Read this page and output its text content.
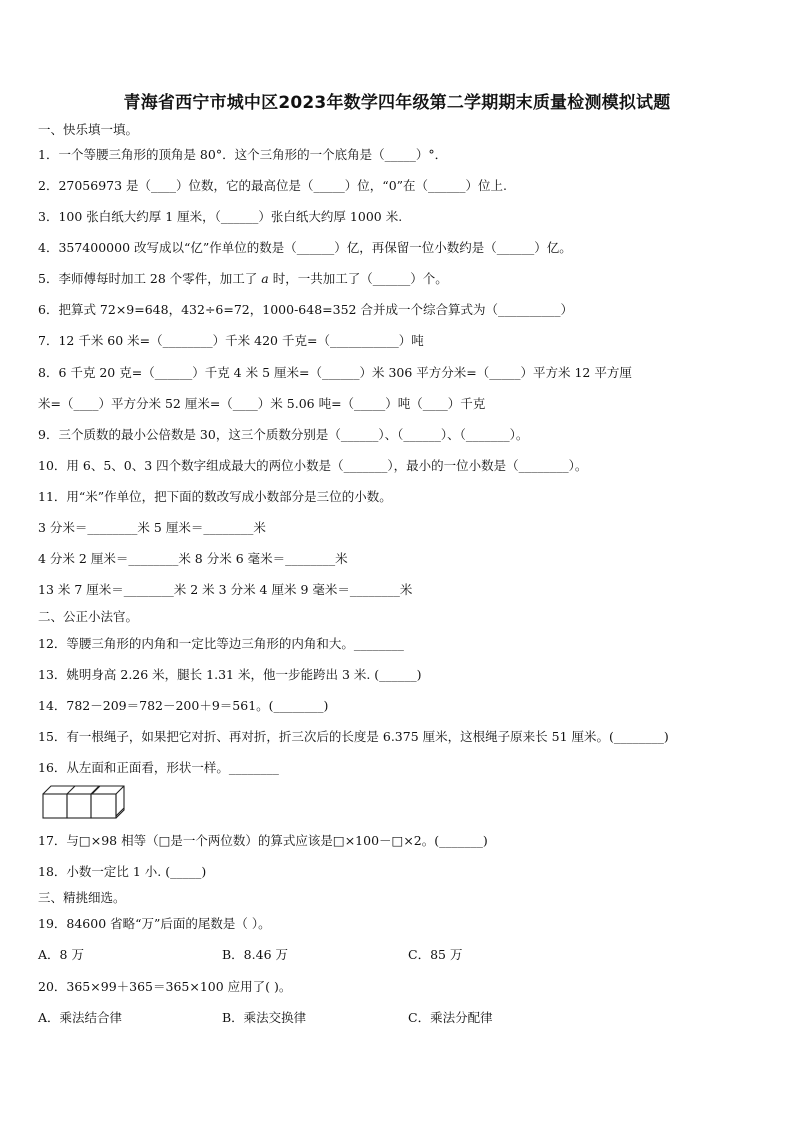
青海省西宁市城中区2023年数学四年级第二学期期末质量检测模拟试题
一、快乐填一填。
1．一个等腰三角形的顶角是 80°．这个三角形的一个底角是（_____）°．
2．27056973 是（____）位数，它的最高位是（_____）位，“0”在（______）位上.
3．100 张白纸大约厚 1 厘米，（______）张白纸大约厚 1000 米.
4．357400000 改写成以“亿”作单位的数是（______）亿，再保留一位小数约是（______）亿。
5．李师傅每时加工 28 个零件，加工了 𝑎 时，一共加工了（______）个。
6．把算式 72×9=648，432÷6=72，1000-648=352 合并成一个综合算式为（__________）
7．12 千米 60 米=（________）千米 420 千克=（___________）吨
8．6 千克 20 克=（______）千克 4 米 5 厘米=（______）米 306 平方分米=（_____）平方米 12 平方厘
米=（____）平方分米 52 厘米=（____）米 5.06 吨=（_____）吨（____）千克
9．三个质数的最小公倍数是 30，这三个质数分别是（______）、（______）、（_______）。
10．用 6、5、0、3 四个数字组成最大的两位小数是（_______），最小的一位小数是（________）。
11．用“米”作单位，把下面的数改写成小数部分是三位的小数。
3 分米＝________米 5 厘米＝________米
4 分米 2 厘米＝________米 8 分米 6 毫米＝________米
13 米 7 厘米＝________米 2 米 3 分米 4 厘米 9 毫米＝________米
二、公正小法官。
12．等腰三角形的内角和一定比等边三角形的内角和大。________
13．姚明身高 2.26 米，腿长 1.31 米，他一步能跨出 3 米. (______)
14．782－209＝782－200＋9＝561。(________)
15．有一根绳子，如果把它对折、再对折，折三次后的长度是 6.375 厘米，这根绳子原来长 51 厘米。(________)
16．从左面和正面看，形状一样。________
17．与□×98 相等（□是一个两位数）的算式应该是□×100－□×2。(_______)
18．小数一定比 1 小. (_____)
三、精挑细选。
19．84600 省略“万”后面的尾数是（ ）。
A．8 万	B．8.46 万	C．85 万
20．365×99＋365＝365×100 应用了( )。
A．乘法结合律	B．乘法交换律	C．乘法分配律
